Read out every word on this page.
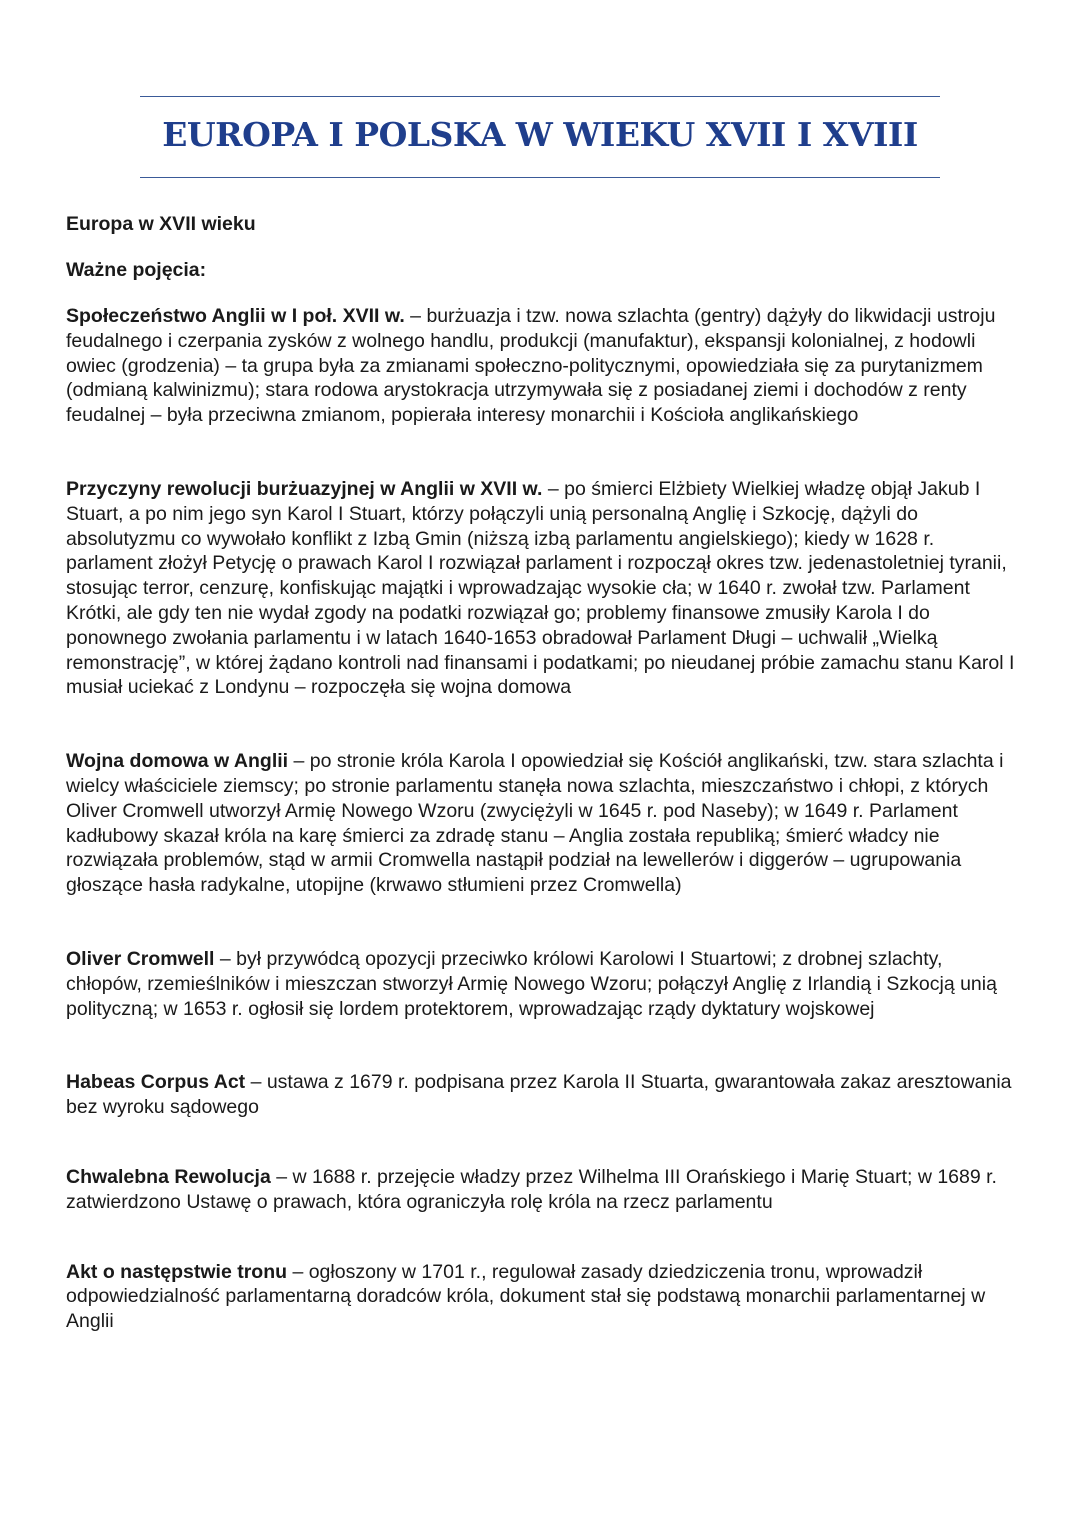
EUROPA I POLSKA W WIEKU XVII I XVIII
Europa w XVII wieku
Ważne pojęcia:

Społeczeństwo Anglii w I poł. XVII w. – burżuazja i tzw. nowa szlachta (gentry) dążyły do likwidacji ustroju feudalnego i czerpania zysków z wolnego handlu, produkcji (manufaktur), ekspansji kolonialnej, z hodowli owiec (grodzenia) – ta grupa była za zmianami społeczno-politycznymi, opowiedziała się za purytanizmem (odmianą kalwinizmu); stara rodowa arystokracja utrzymywała się z posiadanej ziemi i dochodów z renty feudalnej – była przeciwna zmianom, popierała interesy monarchii i Kościoła anglikańskiego

Przyczyny rewolucji burżuazyjnej w Anglii w XVII w. – po śmierci Elżbiety Wielkiej władzę objął Jakub I Stuart, a po nim jego syn Karol I Stuart, którzy połączyli unią personalną Anglię i Szkocję, dążyli do absolutyzmu co wywołało konflikt z Izbą Gmin (niższą izbą parlamentu angielskiego); kiedy w 1628 r. parlament złożył Petycję o prawach Karol I rozwiązał parlament i rozpoczął okres tzw. jedenastoletniej tyranii, stosując terror, cenzurę, konfiskując majątki i wprowadzając wysokie cła; w 1640 r. zwołał tzw. Parlament Krótki, ale gdy ten nie wydał zgody na podatki rozwiązał go; problemy finansowe zmusiły Karola I do ponownego zwołania parlamentu i w latach 1640-1653 obradował Parlament Długi – uchwalił „Wielką remonstrację”, w której żądano kontroli nad finansami i podatkami; po nieudanej próbie zamachu stanu Karol I musiał uciekać z Londynu – rozpoczęła się wojna domowa

Wojna domowa w Anglii – po stronie króla Karola I opowiedział się Kościół anglikański, tzw. stara szlachta i wielcy właściciele ziemscy; po stronie parlamentu stanęła nowa szlachta, mieszczaństwo i chłopi, z których Oliver Cromwell utworzył Armię Nowego Wzoru (zwyciężyli w 1645 r. pod Naseby); w 1649 r. Parlament kadłubowy skazał króla na karę śmierci za zdradę stanu – Anglia została republiką; śmierć władcy nie rozwiązała problemów, stąd w armii Cromwella nastąpił podział na lewellerów i diggerów – ugrupowania głoszące hasła radykalne, utopijne (krwawo stłumieni przez Cromwella)

Oliver Cromwell – był przywódcą opozycji przeciwko królowi Karolowi I Stuartowi; z drobnej szlachty, chłopów, rzemieślników i mieszczan stworzył Armię Nowego Wzoru; połączył Anglię z Irlandią i Szkocją unią polityczną; w 1653 r. ogłosił się lordem protektorem, wprowadzając rządy dyktatury wojskowej

Habeas Corpus Act – ustawa z 1679 r. podpisana przez Karola II Stuarta, gwarantowała zakaz aresztowania bez wyroku sądowego

Chwalebna Rewolucja – w 1688 r. przejęcie władzy przez Wilhelma III Orańskiego i Marię Stuart; w 1689 r. zatwierdzono Ustawę o prawach, która ograniczyła rolę króla na rzecz parlamentu

Akt o następstwie tronu – ogłoszony w 1701 r., regulował zasady dziedziczenia tronu, wprowadził odpowiedzialność parlamentarną doradców króla, dokument stał się podstawą monarchii parlamentarnej w Anglii
